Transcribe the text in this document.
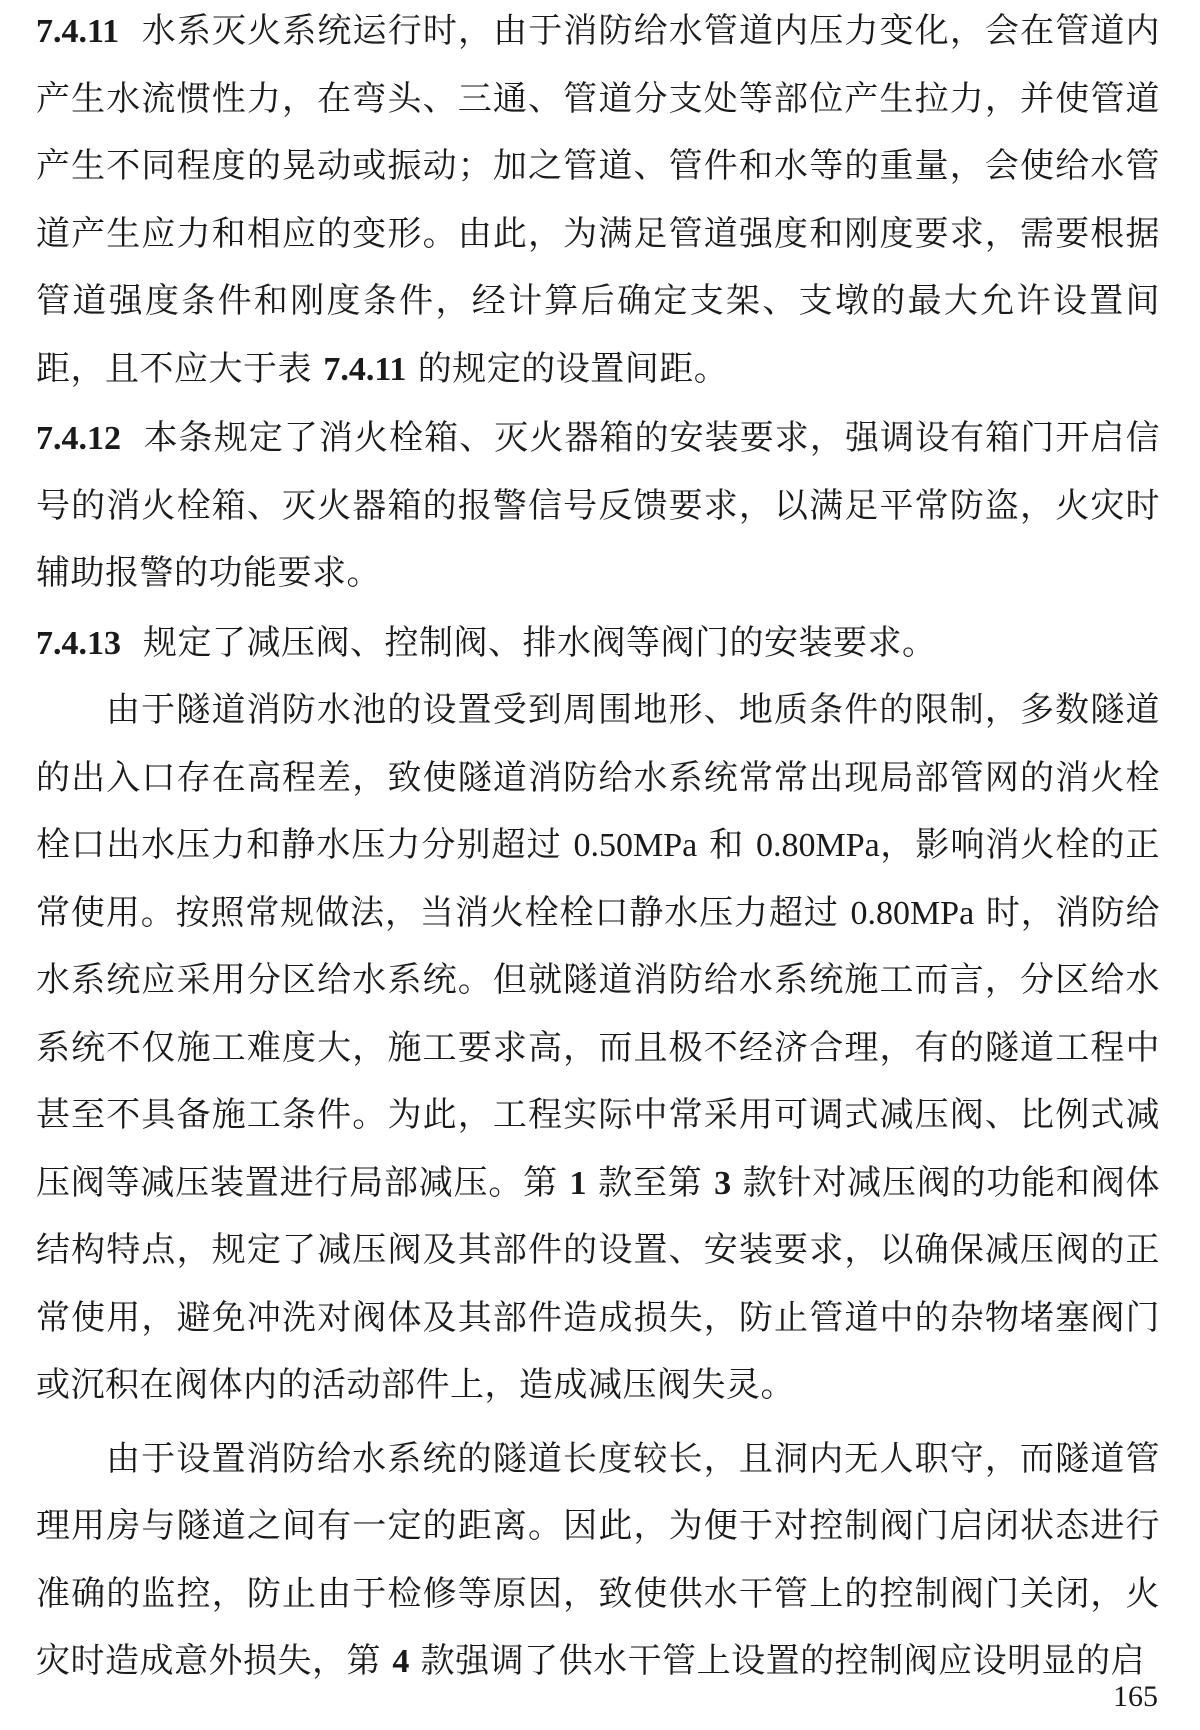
7.4.11 水系灭火系统运行时，由于消防给水管道内压力变化，会在管道内产生水流惯性力，在弯头、三通、管道分支处等部位产生拉力，并使管道产生不同程度的晃动或振动；加之管道、管件和水等的重量，会使给水管道产生应力和相应的变形。由此，为满足管道强度和刚度要求，需要根据管道强度条件和刚度条件，经计算后确定支架、支墩的最大允许设置间距，且不应大于表 7.4.11 的规定的设置间距。

7.4.12 本条规定了消火栓箱、灭火器箱的安装要求，强调设有箱门开启信号的消火栓箱、灭火器箱的报警信号反馈要求，以满足平常防盗，火灾时辅助报警的功能要求。

7.4.13 规定了减压阀、控制阀、排水阀等阀门的安装要求。

由于隧道消防水池的设置受到周围地形、地质条件的限制，多数隧道的出入口存在高程差，致使隧道消防给水系统常常出现局部管网的消火栓栓口出水压力和静水压力分别超过 0.50MPa 和 0.80MPa，影响消火栓的正常使用。按照常规做法，当消火栓栓口静水压力超过 0.80MPa 时，消防给水系统应采用分区给水系统。但就隧道消防给水系统施工而言，分区给水系统不仅施工难度大，施工要求高，而且极不经济合理，有的隧道工程中甚至不具备施工条件。为此，工程实际中常采用可调式减压阀、比例式减压阀等减压装置进行局部减压。第 1 款至第 3 款针对减压阀的功能和阀体结构特点，规定了减压阀及其部件的设置、安装要求，以确保减压阀的正常使用，避免冲洗对阀体及其部件造成损失，防止管道中的杂物堵塞阀门或沉积在阀体内的活动部件上，造成减压阀失灵。

由于设置消防给水系统的隧道长度较长，且洞内无人职守，而隧道管理用房与隧道之间有一定的距离。因此，为便于对控制阀门启闭状态进行准确的监控，防止由于检修等原因，致使供水干管上的控制阀门关闭，火灾时造成意外损失，第 4 款强调了供水干管上设置的控制阀应设明显的启

165
